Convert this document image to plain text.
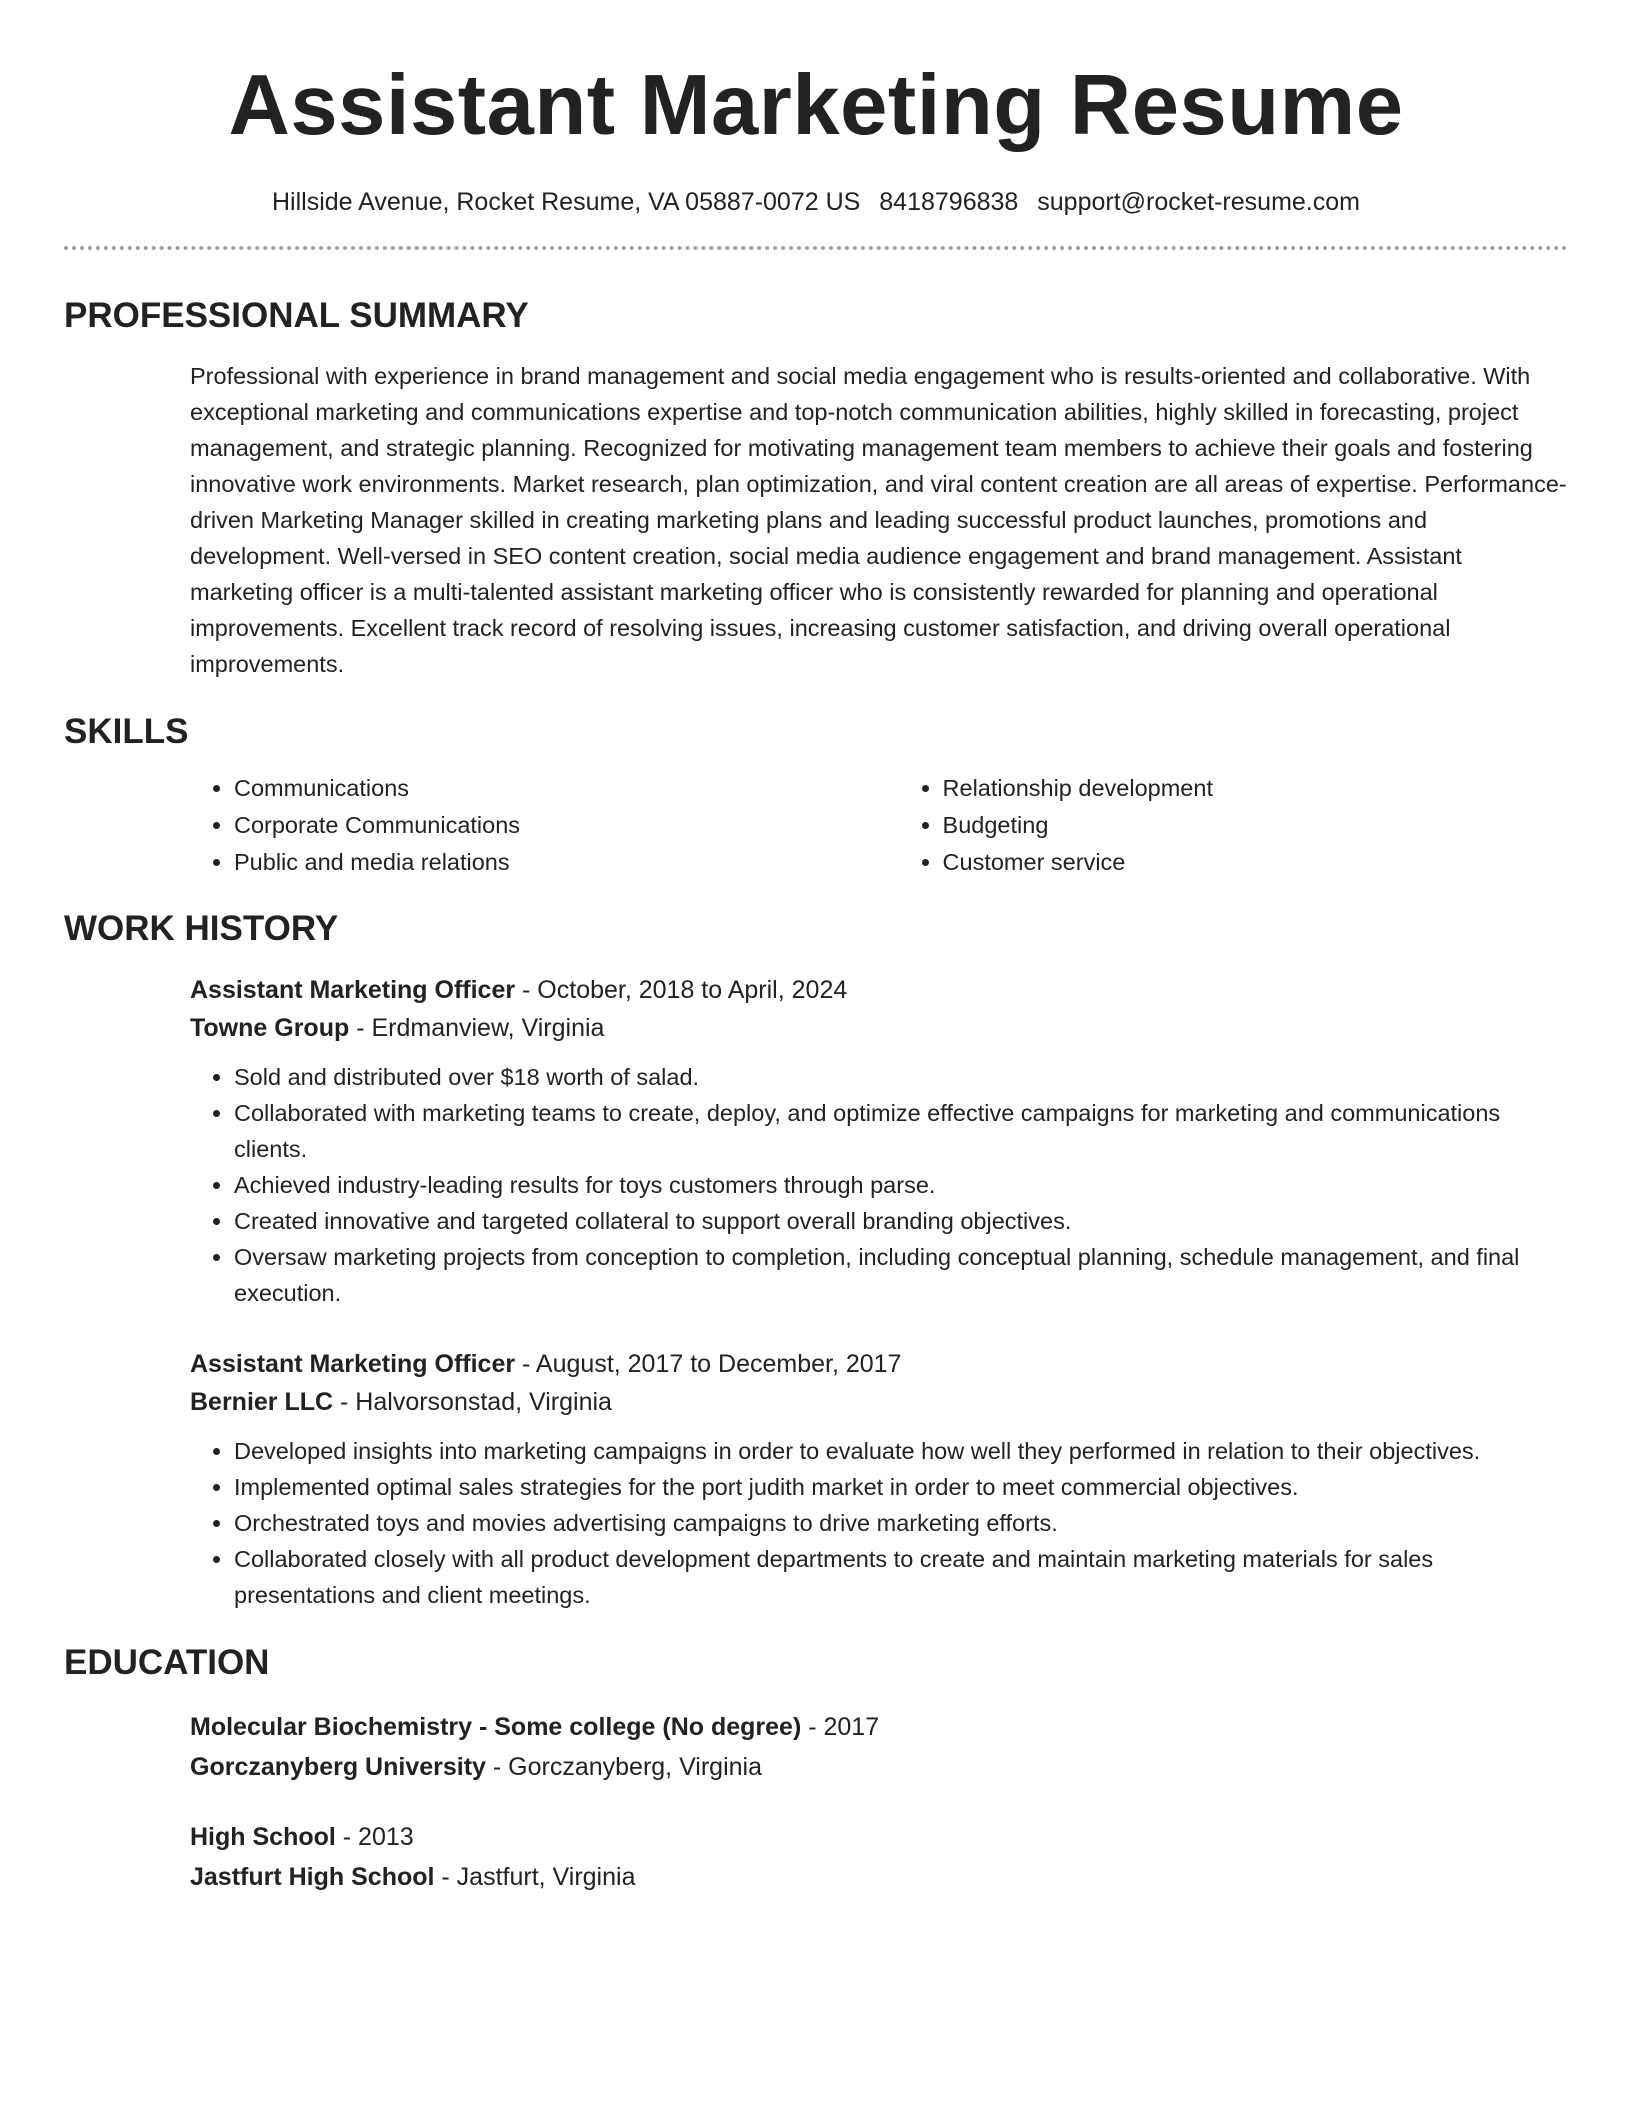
Assistant Marketing Resume
Hillside Avenue, Rocket Resume, VA 05887-0072 US 8418796838 support@rocket-resume.com
PROFESSIONAL SUMMARY

Professional with experience in brand management and social media engagement who is results-oriented and collaborative. With exceptional marketing and communications expertise and top-notch communication abilities, highly skilled in forecasting, project management, and strategic planning. Recognized for motivating management team members to achieve their goals and fostering innovative work environments. Market research, plan optimization, and viral content creation are all areas of expertise. Performance-driven Marketing Manager skilled in creating marketing plans and leading successful product launches, promotions and development. Well-versed in SEO content creation, social media audience engagement and brand management. Assistant marketing officer is a multi-talented assistant marketing officer who is consistently rewarded for planning and operational improvements. Excellent track record of resolving issues, increasing customer satisfaction, and driving overall operational improvements.

SKILLS
• Communications
• Corporate Communications
• Public and media relations
• Relationship development
• Budgeting
• Customer service
WORK HISTORY
Assistant Marketing Officer - October, 2018 to April, 2024
Towne Group - Erdmanview, Virginia
• Sold and distributed over $18 worth of salad.
• Collaborated with marketing teams to create, deploy, and optimize effective campaigns for marketing and communications clients.
• Achieved industry-leading results for toys customers through parse.
• Created innovative and targeted collateral to support overall branding objectives.
• Oversaw marketing projects from conception to completion, including conceptual planning, schedule management, and final execution.
Assistant Marketing Officer - August, 2017 to December, 2017
Bernier LLC - Halvorsonstad, Virginia
• Developed insights into marketing campaigns in order to evaluate how well they performed in relation to their objectives.
• Implemented optimal sales strategies for the port judith market in order to meet commercial objectives.
• Orchestrated toys and movies advertising campaigns to drive marketing efforts.
• Collaborated closely with all product development departments to create and maintain marketing materials for sales presentations and client meetings.
EDUCATION
Molecular Biochemistry - Some college (No degree) - 2017
Gorczanyberg University - Gorczanyberg, Virginia
High School - 2013
Jastfurt High School - Jastfurt, Virginia
